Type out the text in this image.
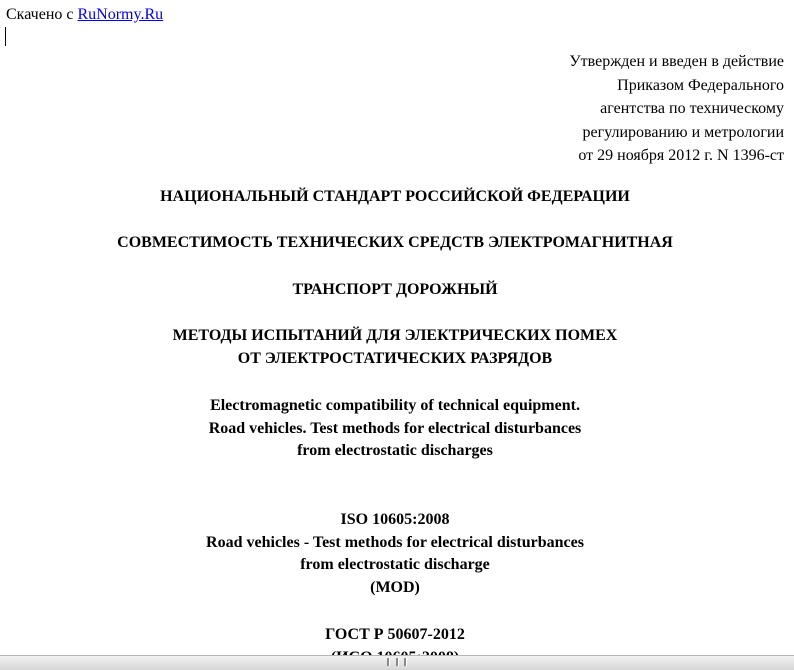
Скачено с RuNormy.Ru
Утвержден и введен в действие
Приказом Федерального
агентства по техническому
регулированию и метрологии
от 29 ноября 2012 г. N 1396-ст
НАЦИОНАЛЬНЫЙ СТАНДАРТ РОССИЙСКОЙ ФЕДЕРАЦИИ
СОВМЕСТИМОСТЬ ТЕХНИЧЕСКИХ СРЕДСТВ ЭЛЕКТРОМАГНИТНАЯ
ТРАНСПОРТ ДОРОЖНЫЙ
МЕТОДЫ ИСПЫТАНИЙ ДЛЯ ЭЛЕКТРИЧЕСКИХ ПОМЕХ
ОТ ЭЛЕКТРОСТАТИЧЕСКИХ РАЗРЯДОВ
Electromagnetic compatibility of technical equipment.
Road vehicles. Test methods for electrical disturbances
from electrostatic discharges
ISO 10605:2008
Road vehicles - Test methods for electrical disturbances
from electrostatic discharge
(MOD)
ГОСТ Р 50607-2012
